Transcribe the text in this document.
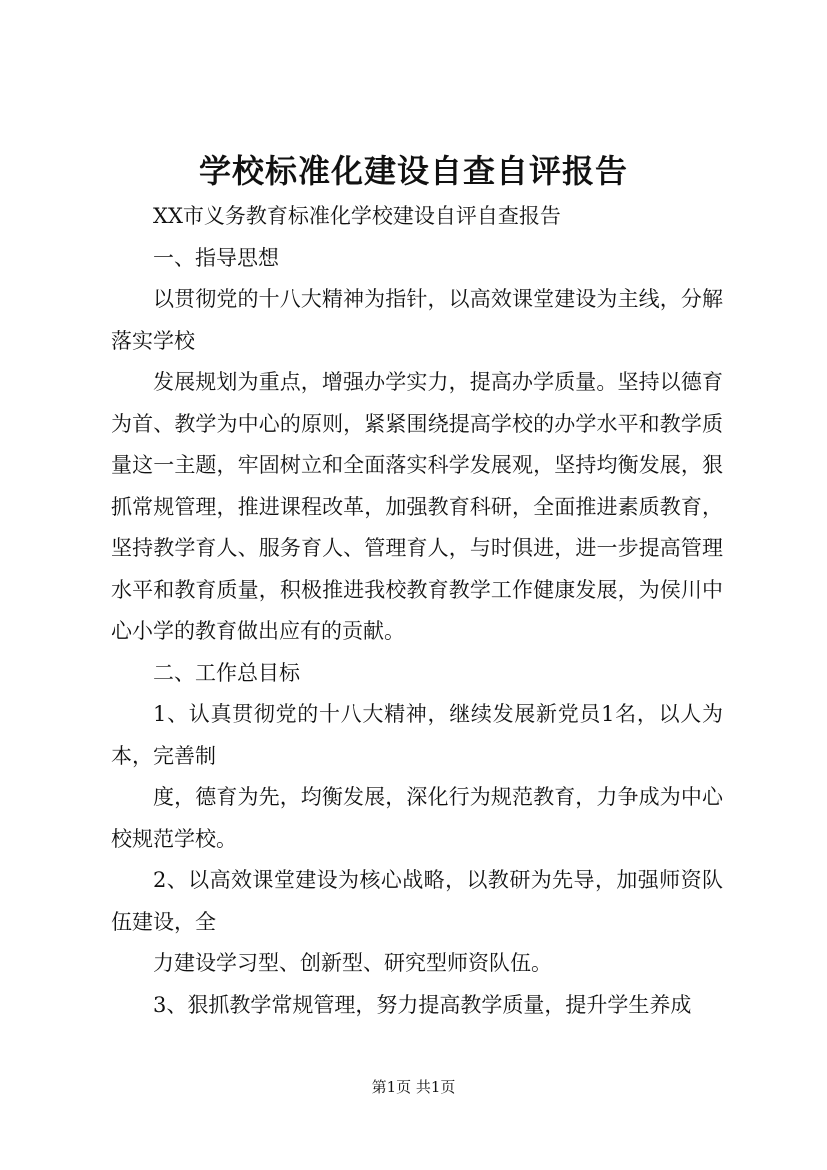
学校标准化建设自查自评报告

XX市义务教育标准化学校建设自评自查报告

一、指导思想

以贯彻党的十八大精神为指针，以高效课堂建设为主线，分解落实学校

发展规划为重点，增强办学实力，提高办学质量。坚持以德育为首、教学为中心的原则，紧紧围绕提高学校的办学水平和教学质量这一主题，牢固树立和全面落实科学发展观，坚持均衡发展，狠抓常规管理，推进课程改革，加强教育科研，全面推进素质教育，坚持教学育人、服务育人、管理育人，与时俱进，进一步提高管理水平和教育质量，积极推进我校教育教学工作健康发展，为侯川中心小学的教育做出应有的贡献。

二、工作总目标

1、认真贯彻党的十八大精神，继续发展新党员1名，以人为本，完善制

度，德育为先，均衡发展，深化行为规范教育，力争成为中心校规范学校。

2、以高效课堂建设为核心战略，以教研为先导，加强师资队伍建设，全

力建设学习型、创新型、研究型师资队伍。

3、狠抓教学常规管理，努力提高教学质量，提升学生养成

第1页 共1页
